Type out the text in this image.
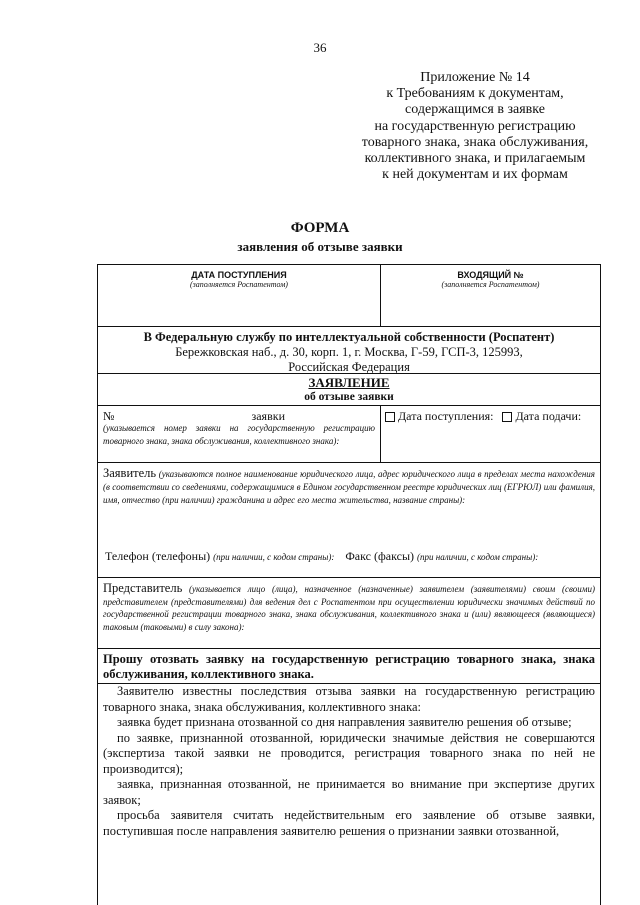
36
Приложение № 14
к Требованиям к документам,
содержащимся в заявке
на государственную регистрацию
товарного знака, знака обслуживания,
коллективного знака, и прилагаемым
к ней документам и их формам
ФОРМА
заявления об отзыве заявки
ДАТА ПОСТУПЛЕНИЯ
(заполняется Роспатентом)
ВХОДЯЩИЙ №
(заполняется Роспатентом)
В Федеральную службу по интеллектуальной собственности (Роспатент)
Бережковская наб., д. 30, корп. 1, г. Москва, Г-59, ГСП-3, 125993,
Российская Федерация
ЗАЯВЛЕНИЕ
об отзыве заявки
№	заявки
(указывается номер заявки на государственную регистрацию товарного знака, знака обслуживания, коллективного знака):
Дата поступления: Дата подачи:
Заявитель (указываются полное наименование юридического лица, адрес юридического лица в пределах места нахождения (в соответствии со сведениями, содержащимися в Едином государственном реестре юридических лиц (ЕГРЮЛ) или фамилия, имя, отчество (при наличии) гражданина и адрес его места жительства, название страны):
Телефон (телефоны) (при наличии, с кодом страны): Факс (факсы) (при наличии, с кодом страны):
Представитель (указывается лицо (лица), назначенное (назначенные) заявителем (заявителями) своим (своими) представителем (представителями) для ведения дел с Роспатентом при осуществлении юридически значимых действий по государственной регистрации товарного знака, знака обслуживания, коллективного знака и (или) являющееся (являющиеся) таковым (таковыми) в силу закона):
Прошу отозвать заявку на государственную регистрацию товарного знака, знака обслуживания, коллективного знака.

Заявителю известны последствия отзыва заявки на государственную регистрацию товарного знака, знака обслуживания, коллективного знака:

заявка будет признана отозванной со дня направления заявителю решения об отзыве;

по заявке, признанной отозванной, юридически значимые действия не совершаются (экспертиза такой заявки не проводится, регистрация товарного знака по ней не производится);

заявка, признанная отозванной, не принимается во внимание при экспертизе других заявок;

просьба заявителя считать недействительным его заявление об отзыве заявки, поступившая после направления заявителю решения о признании заявки отозванной,
